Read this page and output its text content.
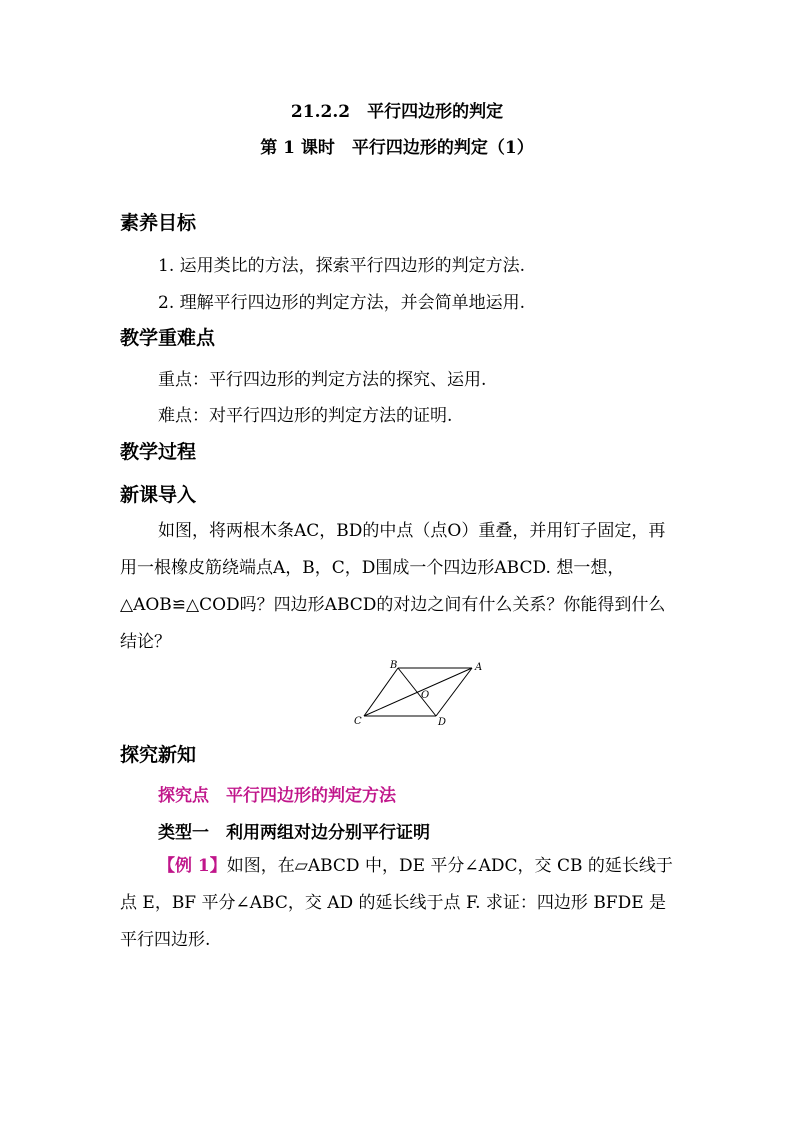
21.2.2　平行四边形的判定
第 1 课时　平行四边形的判定（1）
素养目标
1. 运用类比的方法，探索平行四边形的判定方法.
2. 理解平行四边形的判定方法，并会简单地运用.
教学重难点
重点：平行四边形的判定方法的探究、运用.
难点：对平行四边形的判定方法的证明.
教学过程
新课导入
如图，将两根木条AC，BD的中点（点O）重叠，并用钉子固定，再用一根橡皮筋绕端点A，B，C，D围成一个四边形ABCD. 想一想，△AOB≌△COD吗？四边形ABCD的对边之间有什么关系？你能得到什么结论？
B	A
C	D
O
探究新知
探究点　平行四边形的判定方法
类型一　利用两组对边分别平行证明
【例 1】如图，在▱ABCD 中，DE 平分∠ADC，交 CB 的延长线于点 E，BF 平分∠ABC，交 AD 的延长线于点 F. 求证：四边形 BFDE 是平行四边形.
